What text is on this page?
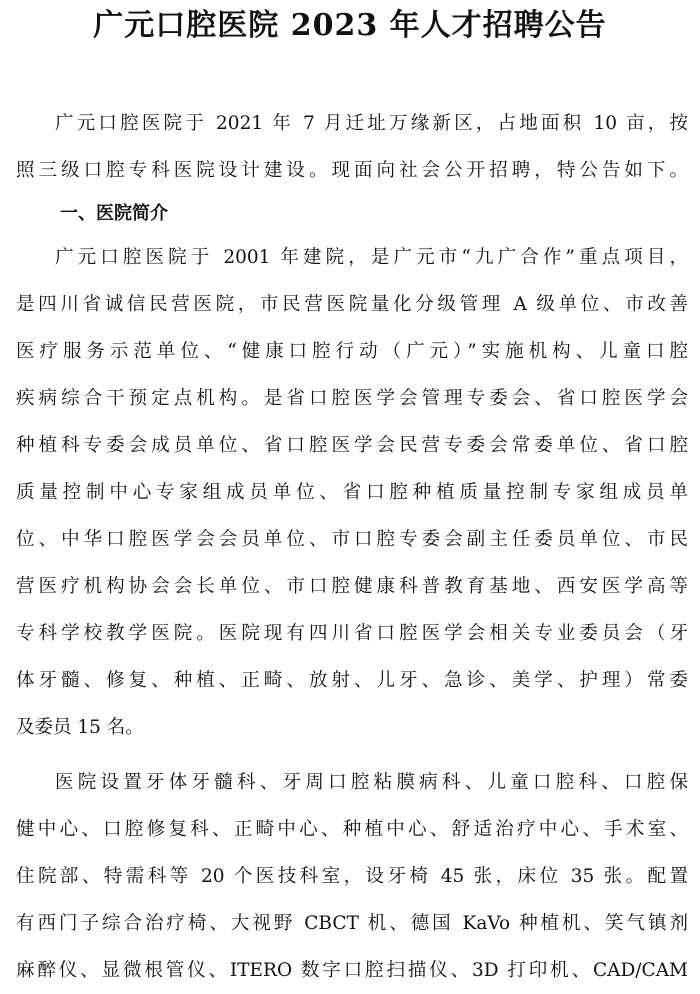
广元口腔医院 2023 年人才招聘公告
广元口腔医院于 2021 年 7 月迁址万缘新区，占地面积 10 亩，按
照三级口腔专科医院设计建设。现面向社会公开招聘，特公告如下。
一、医院简介
广元口腔医院于 2001 年建院，是广元市“九广合作”重点项目，
是四川省诚信民营医院，市民营医院量化分级管理 A 级单位、市改善
医疗服务示范单位、“健康口腔行动（广元）”实施机构、儿童口腔
疾病综合干预定点机构。是省口腔医学会管理专委会、省口腔医学会
种植科专委会成员单位、省口腔医学会民营专委会常委单位、省口腔
质量控制中心专家组成员单位、省口腔种植质量控制专家组成员单
位、中华口腔医学会会员单位、市口腔专委会副主任委员单位、市民
营医疗机构协会会长单位、市口腔健康科普教育基地、西安医学高等
专科学校教学医院。医院现有四川省口腔医学会相关专业委员会（牙
体牙髓、修复、种植、正畸、放射、儿牙、急诊、美学、护理）常委
及委员 15 名。
医院设置牙体牙髓科、牙周口腔粘膜病科、儿童口腔科、口腔保
健中心、口腔修复科、正畸中心、种植中心、舒适治疗中心、手术室、
住院部、特需科等 20 个医技科室，设牙椅 45 张，床位 35 张。配置
有西门子综合治疗椅、大视野 CBCT 机、德国 KaVo 种植机、笑气镇剂
麻醉仪、显微根管仪、ITERO 数字口腔扫描仪、3D 打印机、CAD/CAM
